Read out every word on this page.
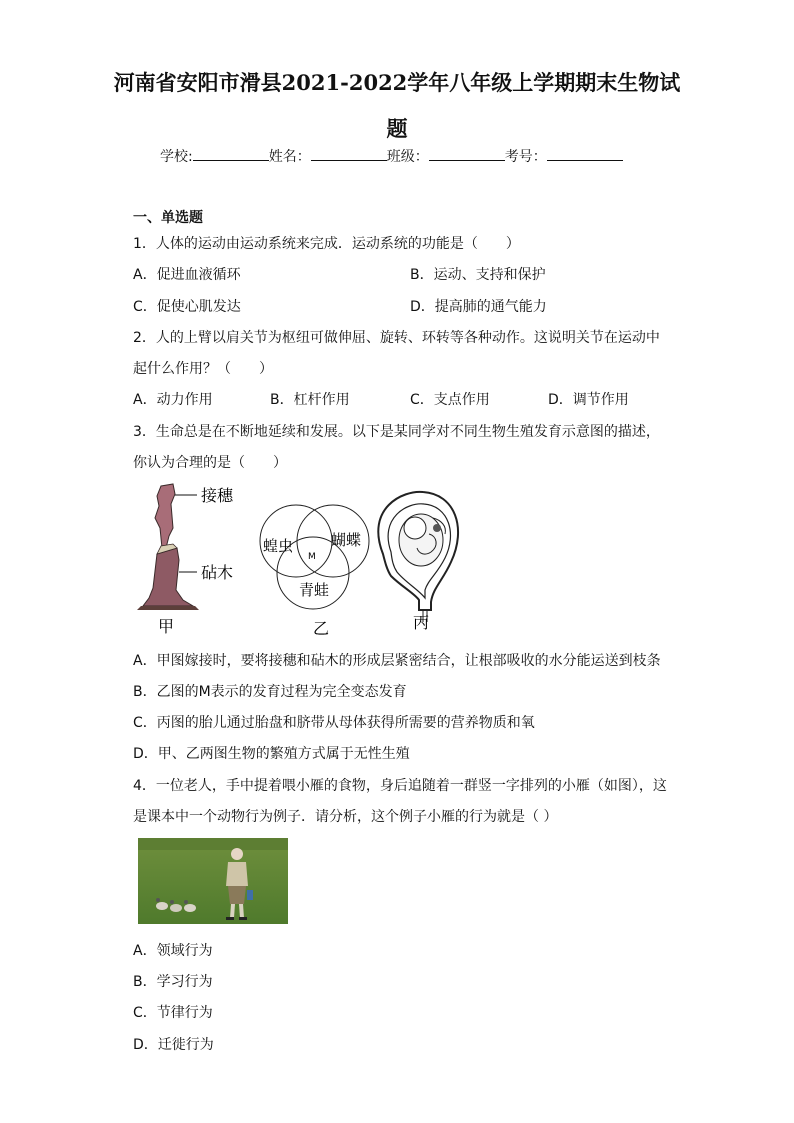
河南省安阳市滑县2021-2022学年八年级上学期期末生物试
题
学校:	姓名：	班级：	考号：
一、单选题
1．人体的运动由运动系统来完成．运动系统的功能是（　　）
A．促进血液循环	B．运动、支持和保护
C．促使心肌发达	D．提高肺的通气能力
2．人的上臂以肩关节为枢纽可做伸屈、旋转、环转等各种动作。这说明关节在运动中
起什么作用？（　　）
A．动力作用	B．杠杆作用	C．支点作用	D．调节作用
3．生命总是在不断地延续和发展。以下是某同学对不同生物生殖发育示意图的描述，
你认为合理的是（　　）
接穗
砧木
甲
蝗虫	蝴蝶
青蛙
M
乙	丙
A．甲图嫁接时，要将接穗和砧木的形成层紧密结合，让根部吸收的水分能运送到枝条
B．乙图的M表示的发育过程为完全变态发育
C．丙图的胎儿通过胎盘和脐带从母体获得所需要的营养物质和氧
D．甲、乙两图生物的繁殖方式属于无性生殖
4．一位老人，手中提着喂小雁的食物，身后追随着一群竖一字排列的小雁（如图），这
是课本中一个动物行为例子．请分析，这个例子小雁的行为就是（ ）
A．领域行为
B．学习行为
C．节律行为
D．迁徙行为
